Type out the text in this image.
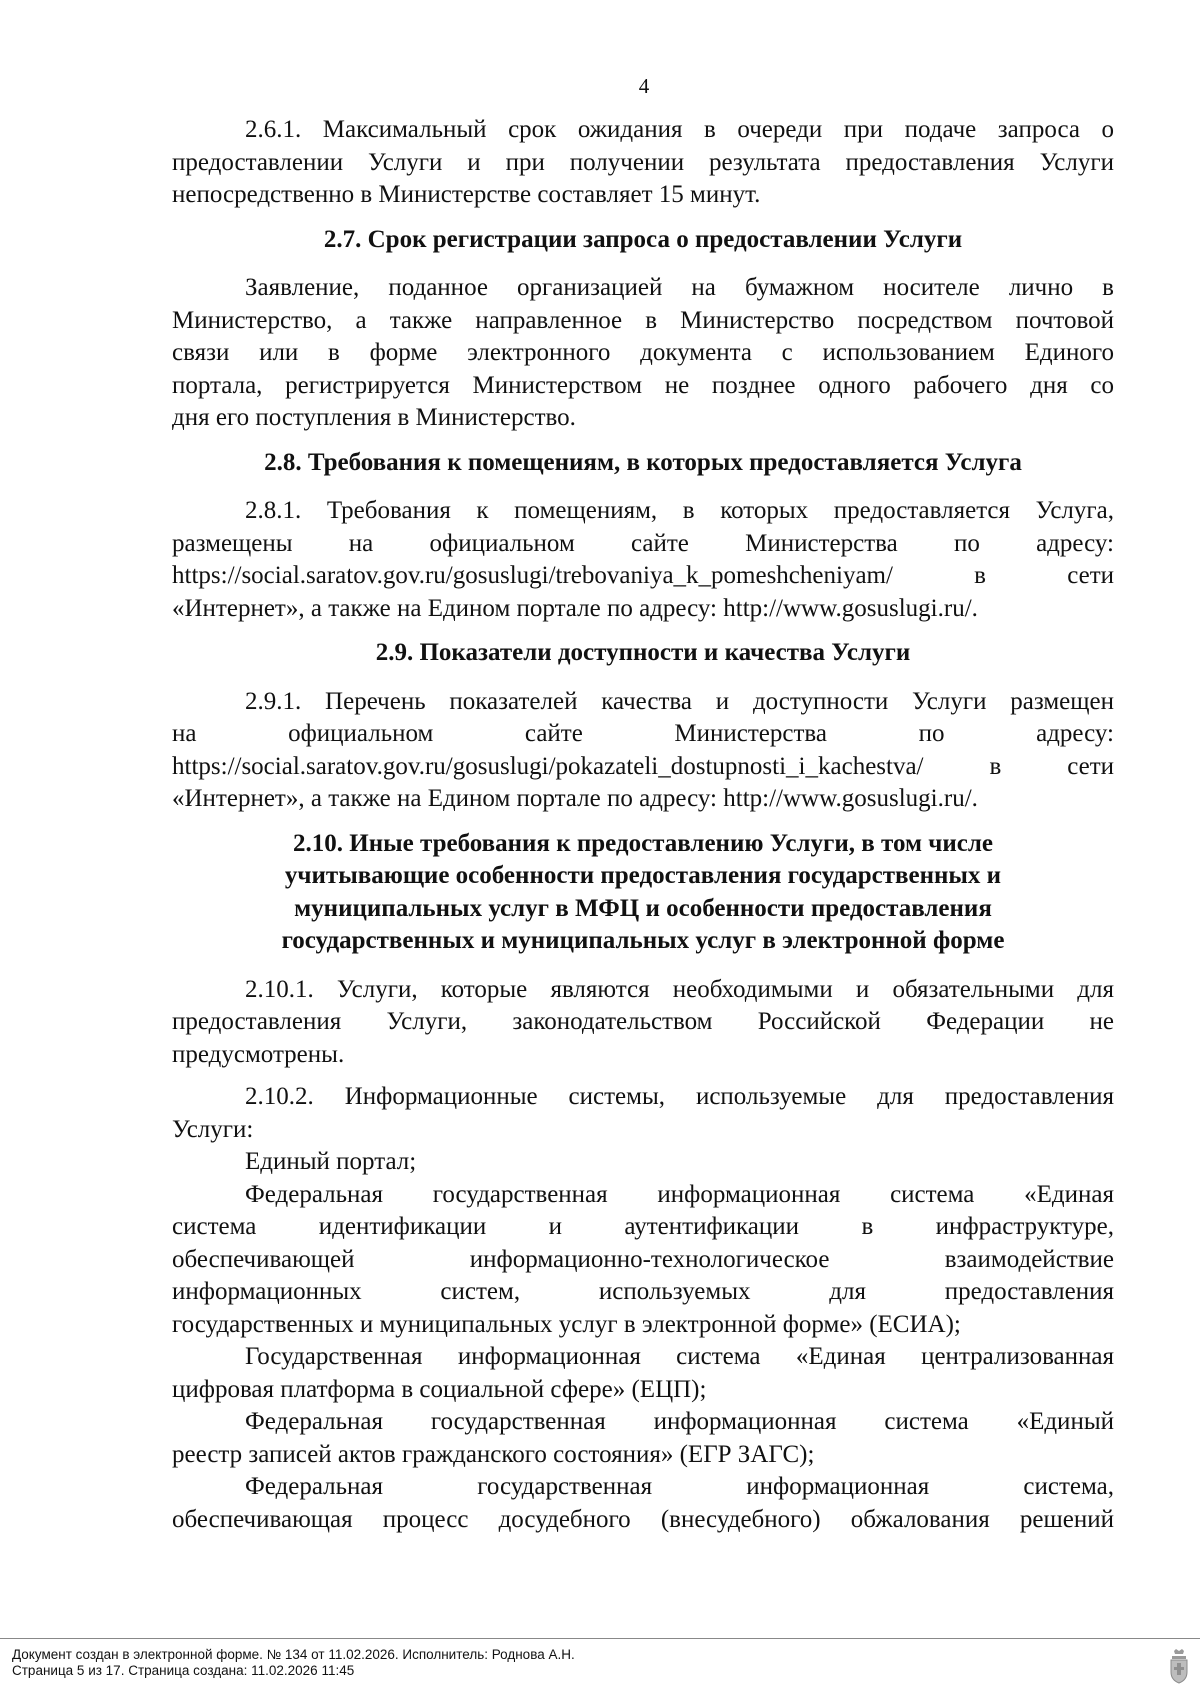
4
2.6.1. Максимальный срок ожидания в очереди при подаче запроса о
предоставлении Услуги и при получении результата предоставления Услуги
непосредственно в Министерстве составляет 15 минут.
2.7. Срок регистрации запроса о предоставлении Услуги
Заявление, поданное организацией на бумажном носителе лично в
Министерство, а также направленное в Министерство посредством почтовой
связи или в форме электронного документа с использованием Единого
портала, регистрируется Министерством не позднее одного рабочего дня со
дня его поступления в Министерство.
2.8. Требования к помещениям, в которых предоставляется Услуга
2.8.1. Требования к помещениям, в которых предоставляется Услуга,
размещены на официальном сайте Министерства по адресу:
https://social.saratov.gov.ru/gosuslugi/trebovaniya_k_pomeshcheniyam/ в сети
«Интернет», а также на Едином портале по адресу: http://www.gosuslugi.ru/.
2.9. Показатели доступности и качества Услуги
2.9.1. Перечень показателей качества и доступности Услуги размещен
на официальном сайте Министерства по адресу:
https://social.saratov.gov.ru/gosuslugi/pokazateli_dostupnosti_i_kachestva/ в сети
«Интернет», а также на Едином портале по адресу: http://www.gosuslugi.ru/.
2.10. Иные требования к предоставлению Услуги, в том числе
учитывающие особенности предоставления государственных и
муниципальных услуг в МФЦ и особенности предоставления
государственных и муниципальных услуг в электронной форме
2.10.1. Услуги, которые являются необходимыми и обязательными для
предоставления Услуги, законодательством Российской Федерации не
предусмотрены.
2.10.2. Информационные системы, используемые для предоставления
Услуги:
Единый портал;
Федеральная государственная информационная система «Единая
система идентификации и аутентификации в инфраструктуре,
обеспечивающей информационно-технологическое взаимодействие
информационных систем, используемых для предоставления
государственных и муниципальных услуг в электронной форме» (ЕСИА);
Государственная информационная система «Единая централизованная
цифровая платформа в социальной сфере» (ЕЦП);
Федеральная государственная информационная система «Единый
реестр записей актов гражданского состояния» (ЕГР ЗАГС);
Федеральная государственная информационная система,
обеспечивающая процесс досудебного (внесудебного) обжалования решений
Документ создан в электронной форме. № 134 от 11.02.2026. Исполнитель: Роднова А.Н.
Страница 5 из 17. Страница создана: 11.02.2026 11:45
